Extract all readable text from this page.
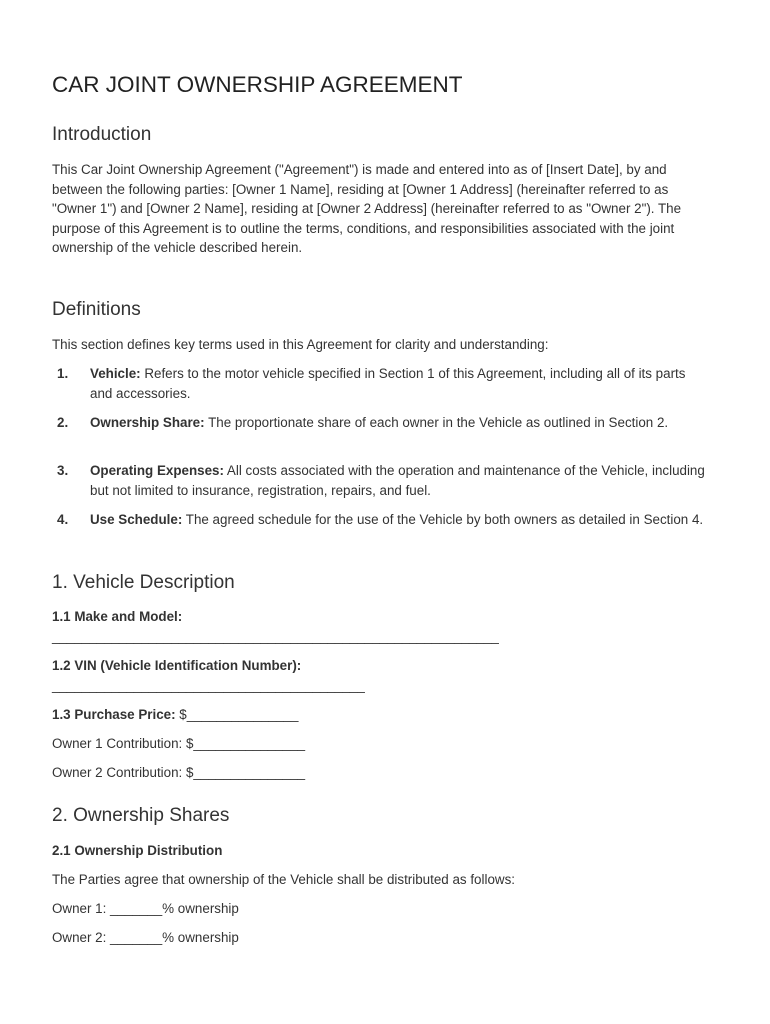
CAR JOINT OWNERSHIP AGREEMENT
Introduction

This Car Joint Ownership Agreement ("Agreement") is made and entered into as of [Insert Date], by and between the following parties: [Owner 1 Name], residing at [Owner 1 Address] (hereinafter referred to as "Owner 1") and [Owner 2 Name], residing at [Owner 2 Address] (hereinafter referred to as "Owner 2"). The purpose of this Agreement is to outline the terms, conditions, and responsibilities associated with the joint ownership of the vehicle described herein.

Definitions

This section defines key terms used in this Agreement for clarity and understanding:

1. Vehicle: Refers to the motor vehicle specified in Section 1 of this Agreement, including all of its parts and accessories.
2. Ownership Share: The proportionate share of each owner in the Vehicle as outlined in Section 2.
3. Operating Expenses: All costs associated with the operation and maintenance of the Vehicle, including but not limited to insurance, registration, repairs, and fuel.
4. Use Schedule: The agreed schedule for the use of the Vehicle by both owners as detailed in Section 4.
1. Vehicle Description

1.1 Make and Model:

____________________________________________________________

1.2 VIN (Vehicle Identification Number):

__________________________________________

1.3 Purchase Price: $_______________

Owner 1 Contribution: $_______________

Owner 2 Contribution: $_______________

2. Ownership Shares

2.1 Ownership Distribution

The Parties agree that ownership of the Vehicle shall be distributed as follows:

Owner 1: _______% ownership

Owner 2: _______% ownership
